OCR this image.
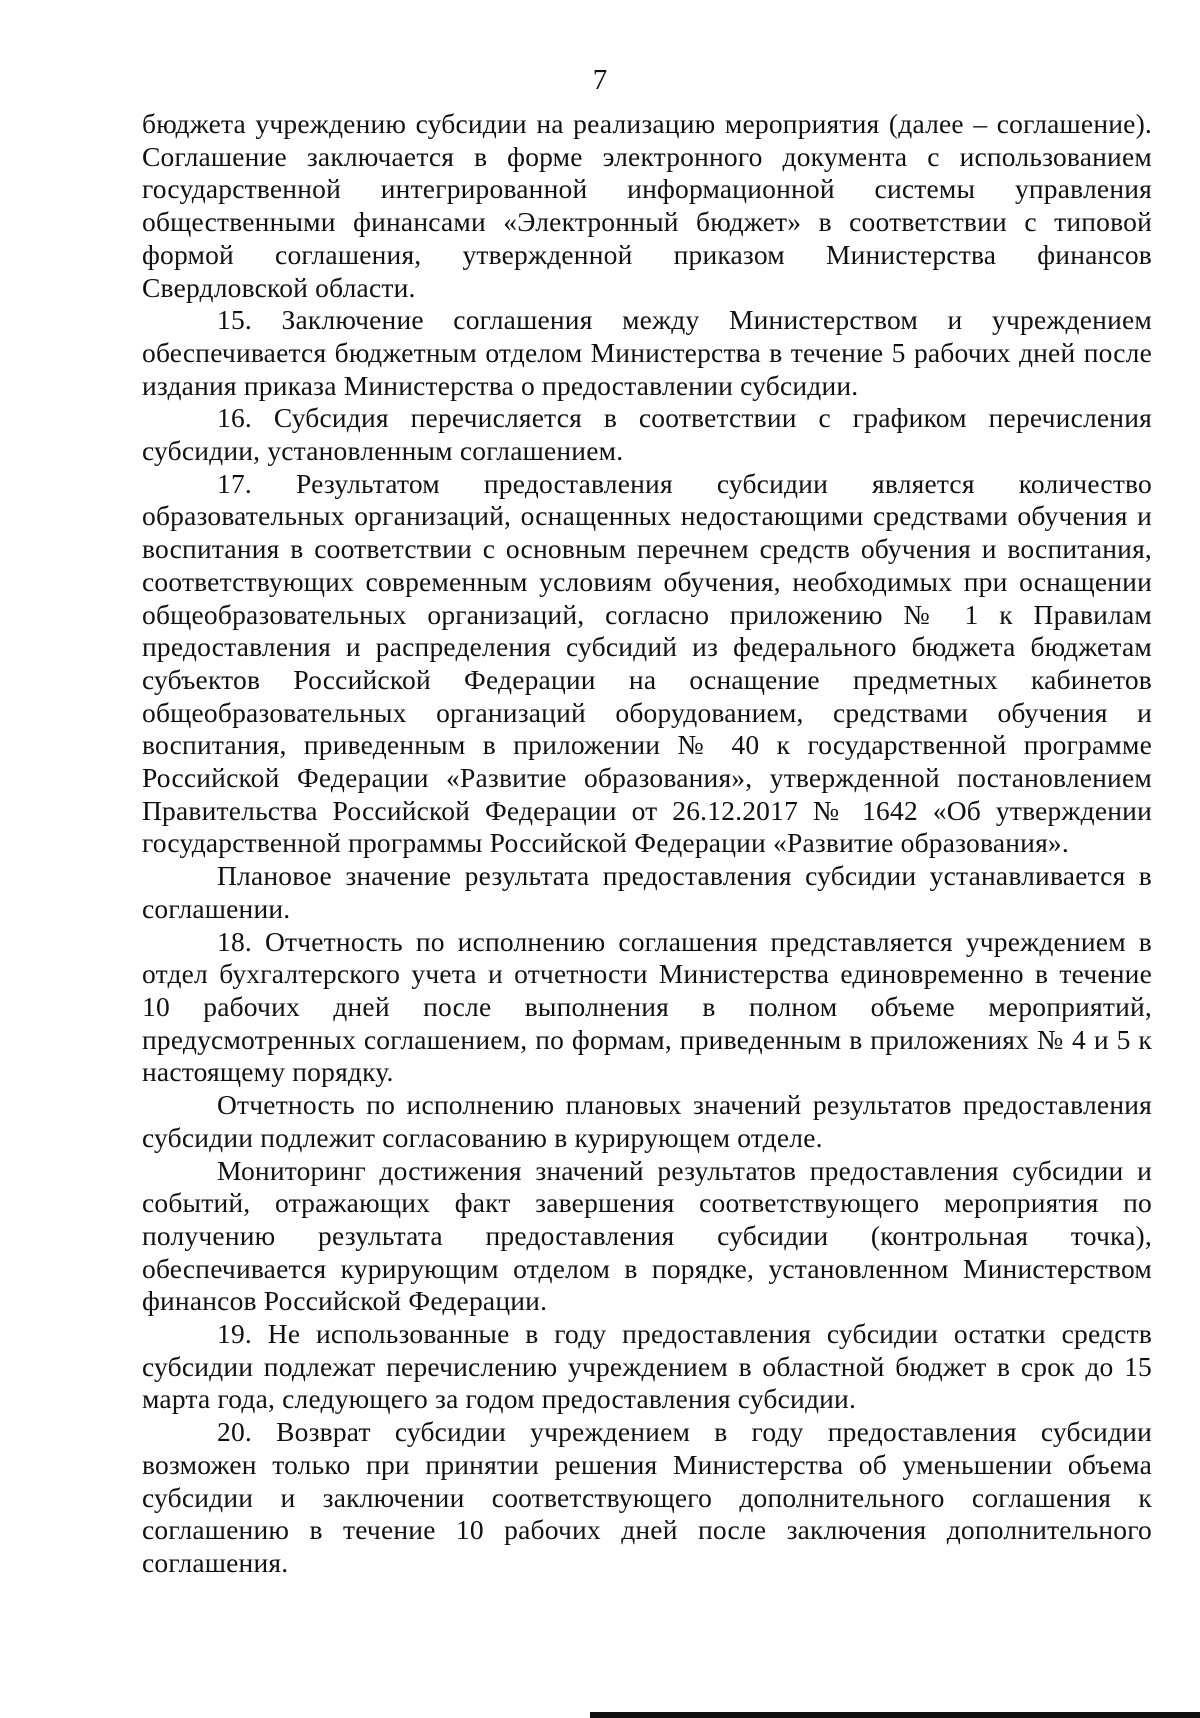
7

бюджета учреждению субсидии на реализацию мероприятия (далее – соглашение). Соглашение заключается в форме электронного документа с использованием государственной интегрированной информационной системы управления общественными финансами «Электронный бюджет» в соответствии с типовой формой соглашения, утвержденной приказом Министерства финансов Свердловской области.

15. Заключение соглашения между Министерством и учреждением обеспечивается бюджетным отделом Министерства в течение 5 рабочих дней после издания приказа Министерства о предоставлении субсидии.

16. Субсидия перечисляется в соответствии с графиком перечисления субсидии, установленным соглашением.

17. Результатом предоставления субсидии является количество образовательных организаций, оснащенных недостающими средствами обучения и воспитания в соответствии с основным перечнем средств обучения и воспитания, соответствующих современным условиям обучения, необходимых при оснащении общеобразовательных организаций, согласно приложению № 1 к Правилам предоставления и распределения субсидий из федерального бюджета бюджетам субъектов Российской Федерации на оснащение предметных кабинетов общеобразовательных организаций оборудованием, средствами обучения и воспитания, приведенным в приложении № 40 к государственной программе Российской Федерации «Развитие образования», утвержденной постановлением Правительства Российской Федерации от 26.12.2017 № 1642 «Об утверждении государственной программы Российской Федерации «Развитие образования».

Плановое значение результата предоставления субсидии устанавливается в соглашении.

18. Отчетность по исполнению соглашения представляется учреждением в отдел бухгалтерского учета и отчетности Министерства единовременно в течение 10 рабочих дней после выполнения в полном объеме мероприятий, предусмотренных соглашением, по формам, приведенным в приложениях № 4 и 5 к настоящему порядку.

Отчетность по исполнению плановых значений результатов предоставления субсидии подлежит согласованию в курирующем отделе.

Мониторинг достижения значений результатов предоставления субсидии и событий, отражающих факт завершения соответствующего мероприятия по получению результата предоставления субсидии (контрольная точка), обеспечивается курирующим отделом в порядке, установленном Министерством финансов Российской Федерации.

19. Не использованные в году предоставления субсидии остатки средств субсидии подлежат перечислению учреждением в областной бюджет в срок до 15 марта года, следующего за годом предоставления субсидии.

20. Возврат субсидии учреждением в году предоставления субсидии возможен только при принятии решения Министерства об уменьшении объема субсидии и заключении соответствующего дополнительного соглашения к соглашению в течение 10 рабочих дней после заключения дополнительного соглашения.
